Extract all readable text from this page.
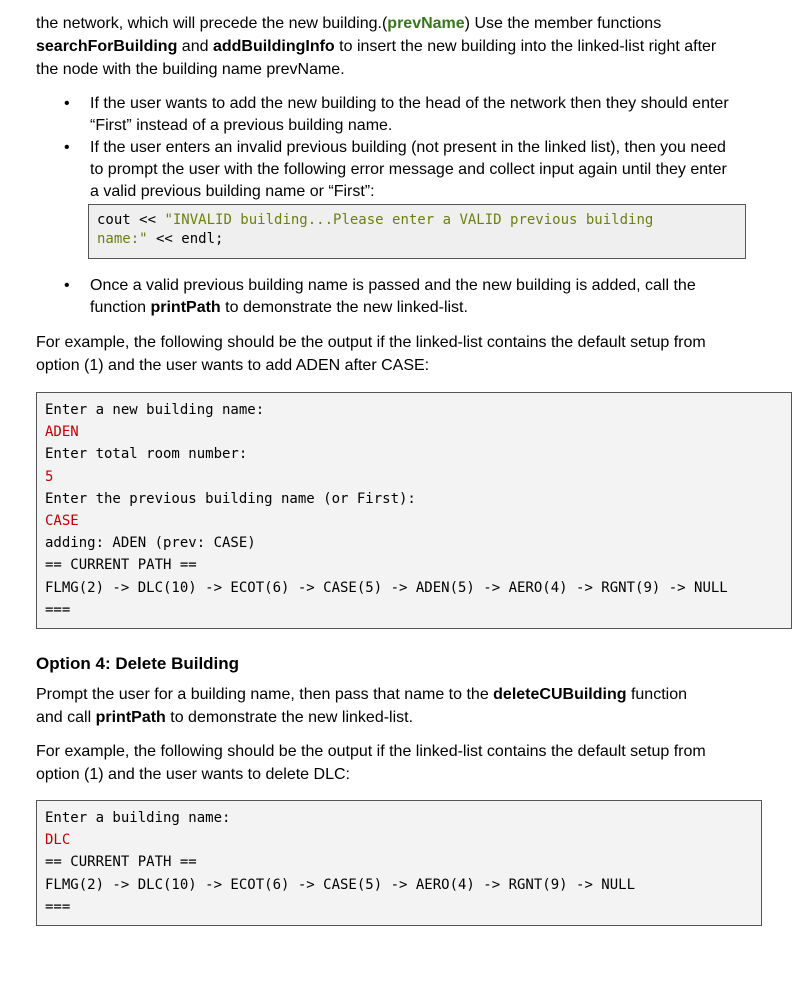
the network, which will precede the new building.(prevName) Use the member functions
searchForBuilding and addBuildingInfo to insert the new building into the linked-list right after
the node with the building name prevName.

• If the user wants to add the new building to the head of the network then they should enter “First” instead of a previous building name.
• If the user enters an invalid previous building (not present in the linked list), then you need to prompt the user with the following error message and collect input again until they enter a valid previous building name or “First”:
cout << "INVALID building...Please enter a VALID previous building
name:" << endl;
• Once a valid previous building name is passed and the new building is added, call the function printPath to demonstrate the new linked-list.

For example, the following should be the output if the linked-list contains the default setup from option (1) and the user wants to add ADEN after CASE:

Enter a new building name:
ADEN
Enter total room number:
5
Enter the previous building name (or First):
CASE
adding: ADEN (prev: CASE)
== CURRENT PATH ==
FLMG(2) -> DLC(10) -> ECOT(6) -> CASE(5) -> ADEN(5) -> AERO(4) -> RGNT(9) -> NULL
===
Option 4: Delete Building

Prompt the user for a building name, then pass that name to the deleteCUBuilding function
and call printPath to demonstrate the new linked-list.

For example, the following should be the output if the linked-list contains the default setup from option (1) and the user wants to delete DLC:

Enter a building name:
DLC
== CURRENT PATH ==
FLMG(2) -> DLC(10) -> ECOT(6) -> CASE(5) -> AERO(4) -> RGNT(9) -> NULL
===
